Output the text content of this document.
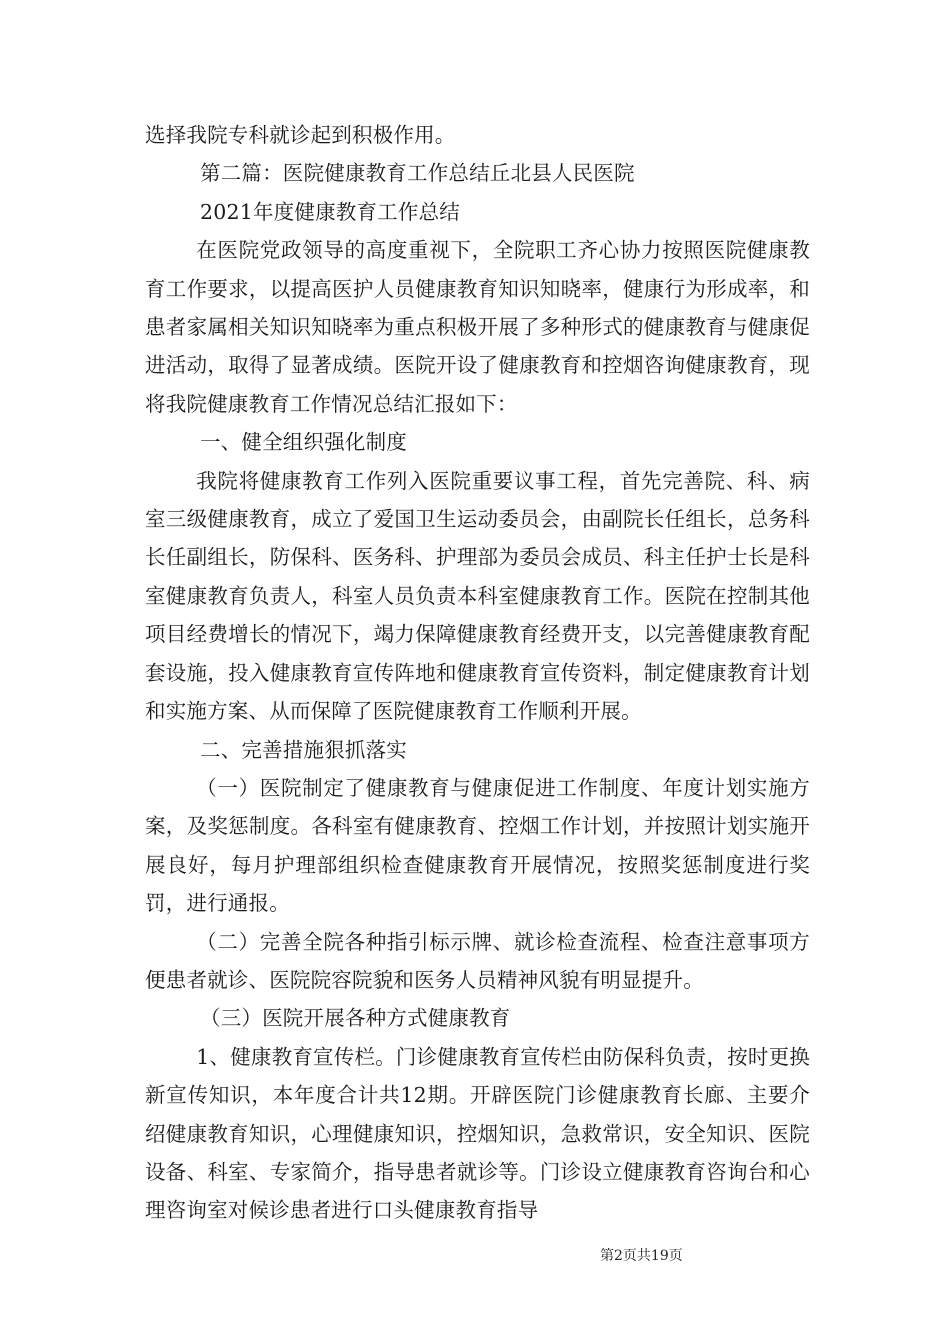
选择我院专科就诊起到积极作用。

第二篇：医院健康教育工作总结丘北县人民医院

2021年度健康教育工作总结

在医院党政领导的高度重视下，全院职工齐心协力按照医院健康教育工作要求，以提高医护人员健康教育知识知晓率，健康行为形成率，和患者家属相关知识知晓率为重点积极开展了多种形式的健康教育与健康促进活动，取得了显著成绩。医院开设了健康教育和控烟咨询健康教育，现将我院健康教育工作情况总结汇报如下：

一、健全组织强化制度

我院将健康教育工作列入医院重要议事工程，首先完善院、科、病室三级健康教育，成立了爱国卫生运动委员会，由副院长任组长，总务科长任副组长，防保科、医务科、护理部为委员会成员、科主任护士长是科室健康教育负责人，科室人员负责本科室健康教育工作。医院在控制其他项目经费增长的情况下，竭力保障健康教育经费开支，以完善健康教育配套设施，投入健康教育宣传阵地和健康教育宣传资料，制定健康教育计划和实施方案、从而保障了医院健康教育工作顺利开展。

二、完善措施狠抓落实

（一）医院制定了健康教育与健康促进工作制度、年度计划实施方案，及奖惩制度。各科室有健康教育、控烟工作计划，并按照计划实施开展良好，每月护理部组织检查健康教育开展情况，按照奖惩制度进行奖罚，进行通报。

（二）完善全院各种指引标示牌、就诊检查流程、检查注意事项方便患者就诊、医院院容院貌和医务人员精神风貌有明显提升。

（三）医院开展各种方式健康教育

1、健康教育宣传栏。门诊健康教育宣传栏由防保科负责，按时更换新宣传知识，本年度合计共12期。开辟医院门诊健康教育长廊、主要介绍健康教育知识，心理健康知识，控烟知识，急救常识，安全知识、医院设备、科室、专家简介，指导患者就诊等。门诊设立健康教育咨询台和心理咨询室对候诊患者进行口头健康教育指导

第2页共19页
